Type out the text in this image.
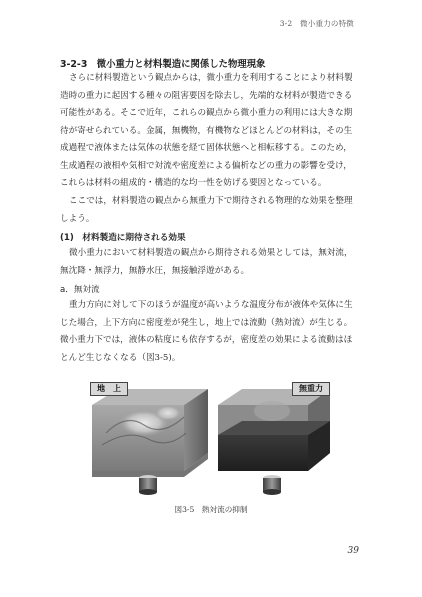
3-2　微小重力の特徴
3-2-3　微小重力と材料製造に関係した物理現象
さらに材料製造という観点からは，微小重力を利用することにより材料製
造時の重力に起因する種々の阻害要因を除去し，先端的な材料が製造できる
可能性がある。そこで近年，これらの観点から微小重力の利用には大きな期
待が寄せられている。金属，無機物，有機物などほとんどの材料は，その生
成過程で液体または気体の状態を経て固体状態へと相転移する。このため，
生成過程の液相や気相で対流や密度差による偏析などの重力の影響を受け，
これらは材料の組成的・構造的な均一性を妨げる要因となっている。
ここでは，材料製造の観点から無重力下で期待される物理的な効果を整理
しよう。
(1)　材料製造に期待される効果
微小重力において材料製造の観点から期待される効果としては，無対流，
無沈降・無浮力，無静水圧，無接触浮遊がある。
a．無対流
重力方向に対して下のほうが温度が高いような温度分布が液体や気体に生
じた場合，上下方向に密度差が発生し，地上では流動（熱対流）が生じる。
微小重力下では，液体の粘度にも依存するが，密度差の効果による流動はほ
とんど生じなくなる（図3-5)。
地　上	無重力
図3-5　熱対流の抑制
39
